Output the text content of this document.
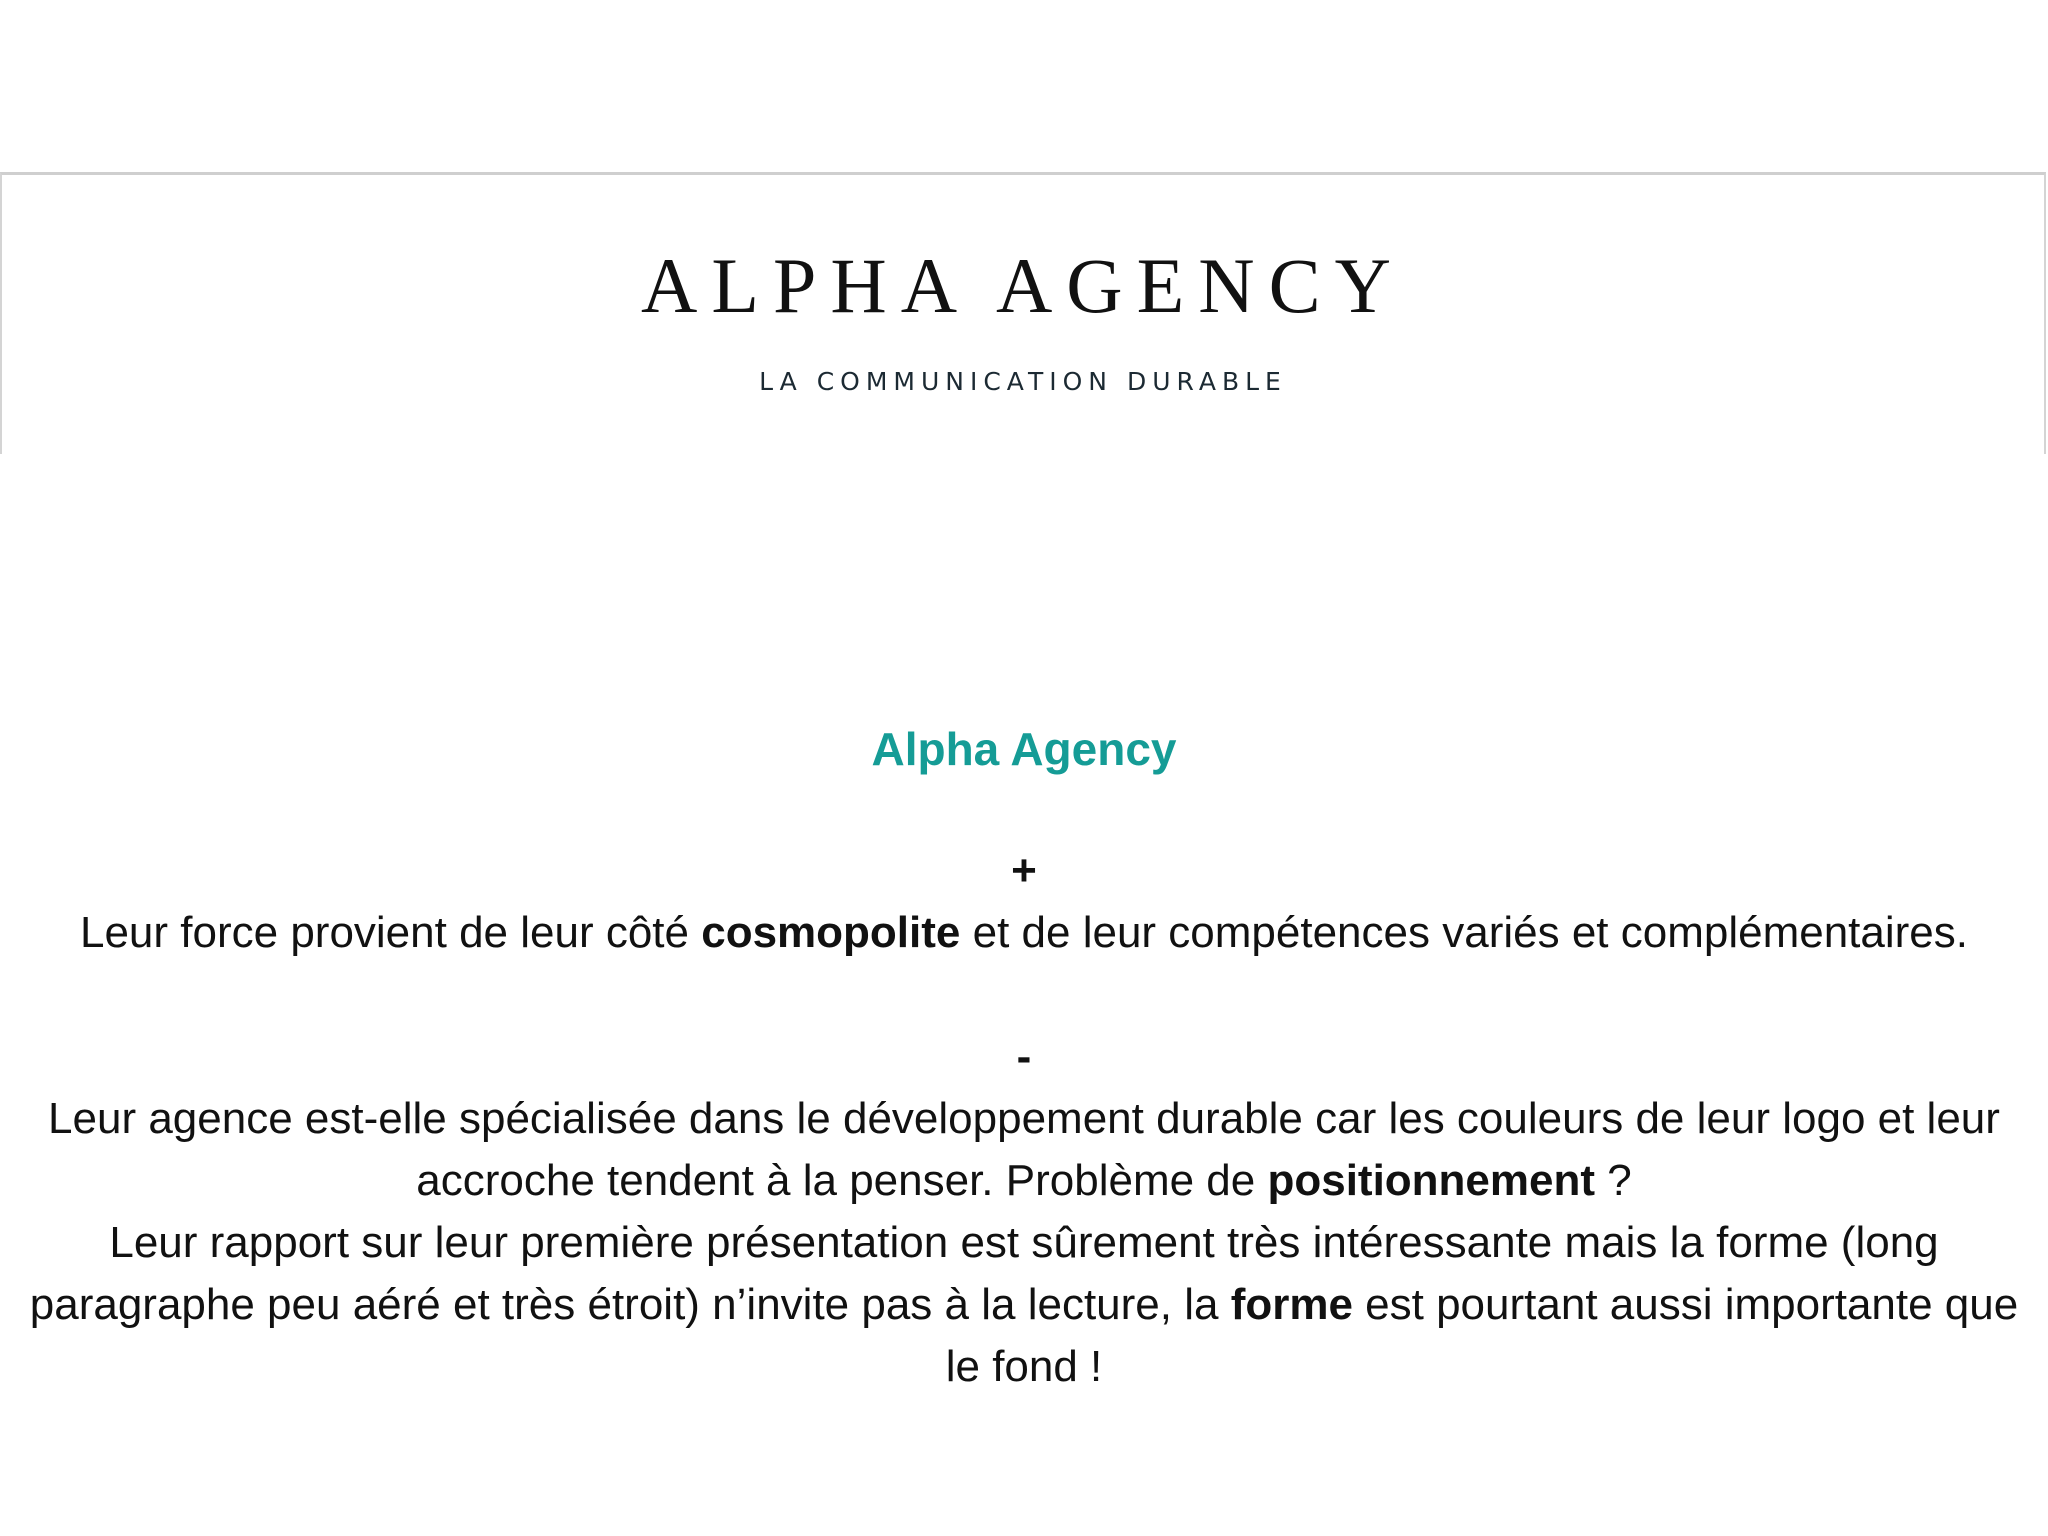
ALPHA AGENCY
LA COMMUNICATION DURABLE

Alpha Agency

+

Leur force provient de leur côté cosmopolite et de leur compétences variés et complémentaires.

-

Leur agence est-elle spécialisée dans le développement durable car les couleurs de leur logo et leur accroche tendent à la penser. Problème de positionnement ?

Leur rapport sur leur première présentation est sûrement très intéressante mais la forme (long paragraphe peu aéré et très étroit) n’invite pas à la lecture, la forme est pourtant aussi importante que le fond !
